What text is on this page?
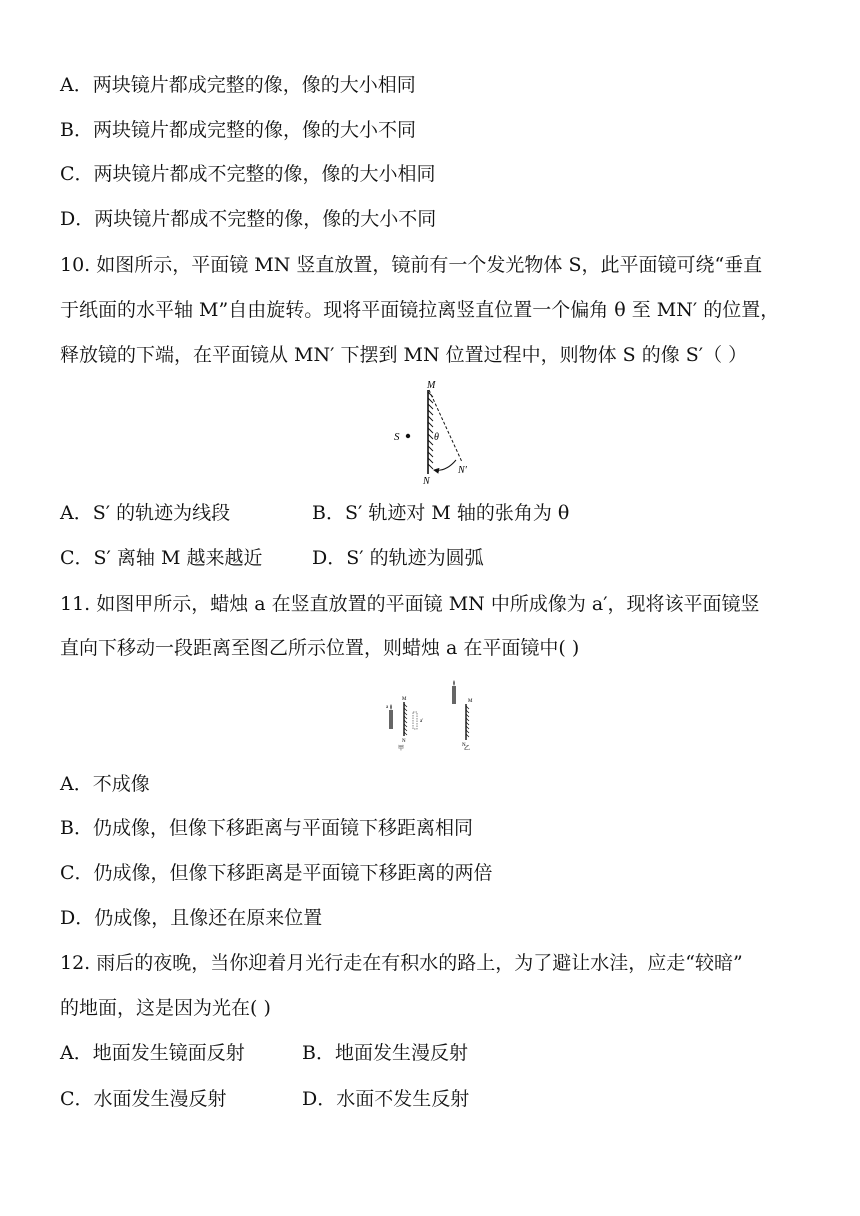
A．两块镜片都成完整的像，像的大小相同
B．两块镜片都成完整的像，像的大小不同
C．两块镜片都成不完整的像，像的大小相同
D．两块镜片都成不完整的像，像的大小不同
10. 如图所示，平面镜 MN 竖直放置，镜前有一个发光物体 S，此平面镜可绕“垂直
于纸面的水平轴 M”自由旋转。现将平面镜拉离竖直位置一个偏角 θ 至 MN′ 的位置，
释放镜的下端，在平面镜从 MN′ 下摆到 MN 位置过程中，则物体 S 的像 S′（ ）
S
M
N
N′
θ
A．S′ 的轨迹为线段	B．S′ 轨迹对 M 轴的张角为 θ
C．S′ 离轴 M 越来越近	D．S′ 的轨迹为圆弧
11. 如图甲所示，蜡烛 a 在竖直放置的平面镜 MN 中所成像为 a′，现将该平面镜竖
直向下移动一段距离至图乙所示位置，则蜡烛 a 在平面镜中( )
a
a′
M
N
甲
M
N
乙
A．不成像
B．仍成像，但像下移距离与平面镜下移距离相同
C．仍成像，但像下移距离是平面镜下移距离的两倍
D．仍成像，且像还在原来位置
12. 雨后的夜晚，当你迎着月光行走在有积水的路上，为了避让水洼，应走“较暗”
的地面，这是因为光在( )
A．地面发生镜面反射	B．地面发生漫反射
C．水面发生漫反射	D．水面不发生反射
